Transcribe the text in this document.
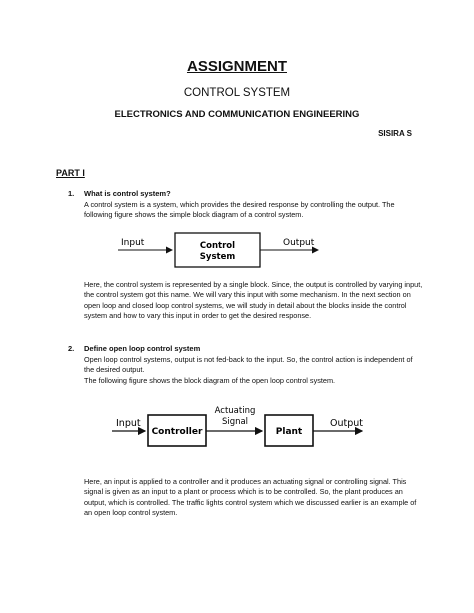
ASSIGNMENT
CONTROL SYSTEM
ELECTRONICS AND COMMUNICATION ENGINEERING
SISIRA S
PART I
1. What is control system?

A control system is a system, which provides the desired response by controlling the output. The following figure shows the simple block diagram of a control system.

Input	Control
System
Output

Here, the control system is represented by a single block. Since, the output is controlled by varying input, the control system got this name. We will vary this input with some mechanism. In the next section on open loop and closed loop control systems, we will study in detail about the blocks inside the control system and how to vary this input in order to get the desired response.

2. Define open loop control system

Open loop control systems, output is not fed-back to the input. So, the control action is independent of the desired output.

The following figure shows the block diagram of the open loop control system.

Input
Controller
Actuating
Signal
Plant
Output

Here, an input is applied to a controller and it produces an actuating signal or controlling signal. This signal is given as an input to a plant or process which is to be controlled. So, the plant produces an output, which is controlled. The traffic lights control system which we discussed earlier is an example of an open loop control system.
